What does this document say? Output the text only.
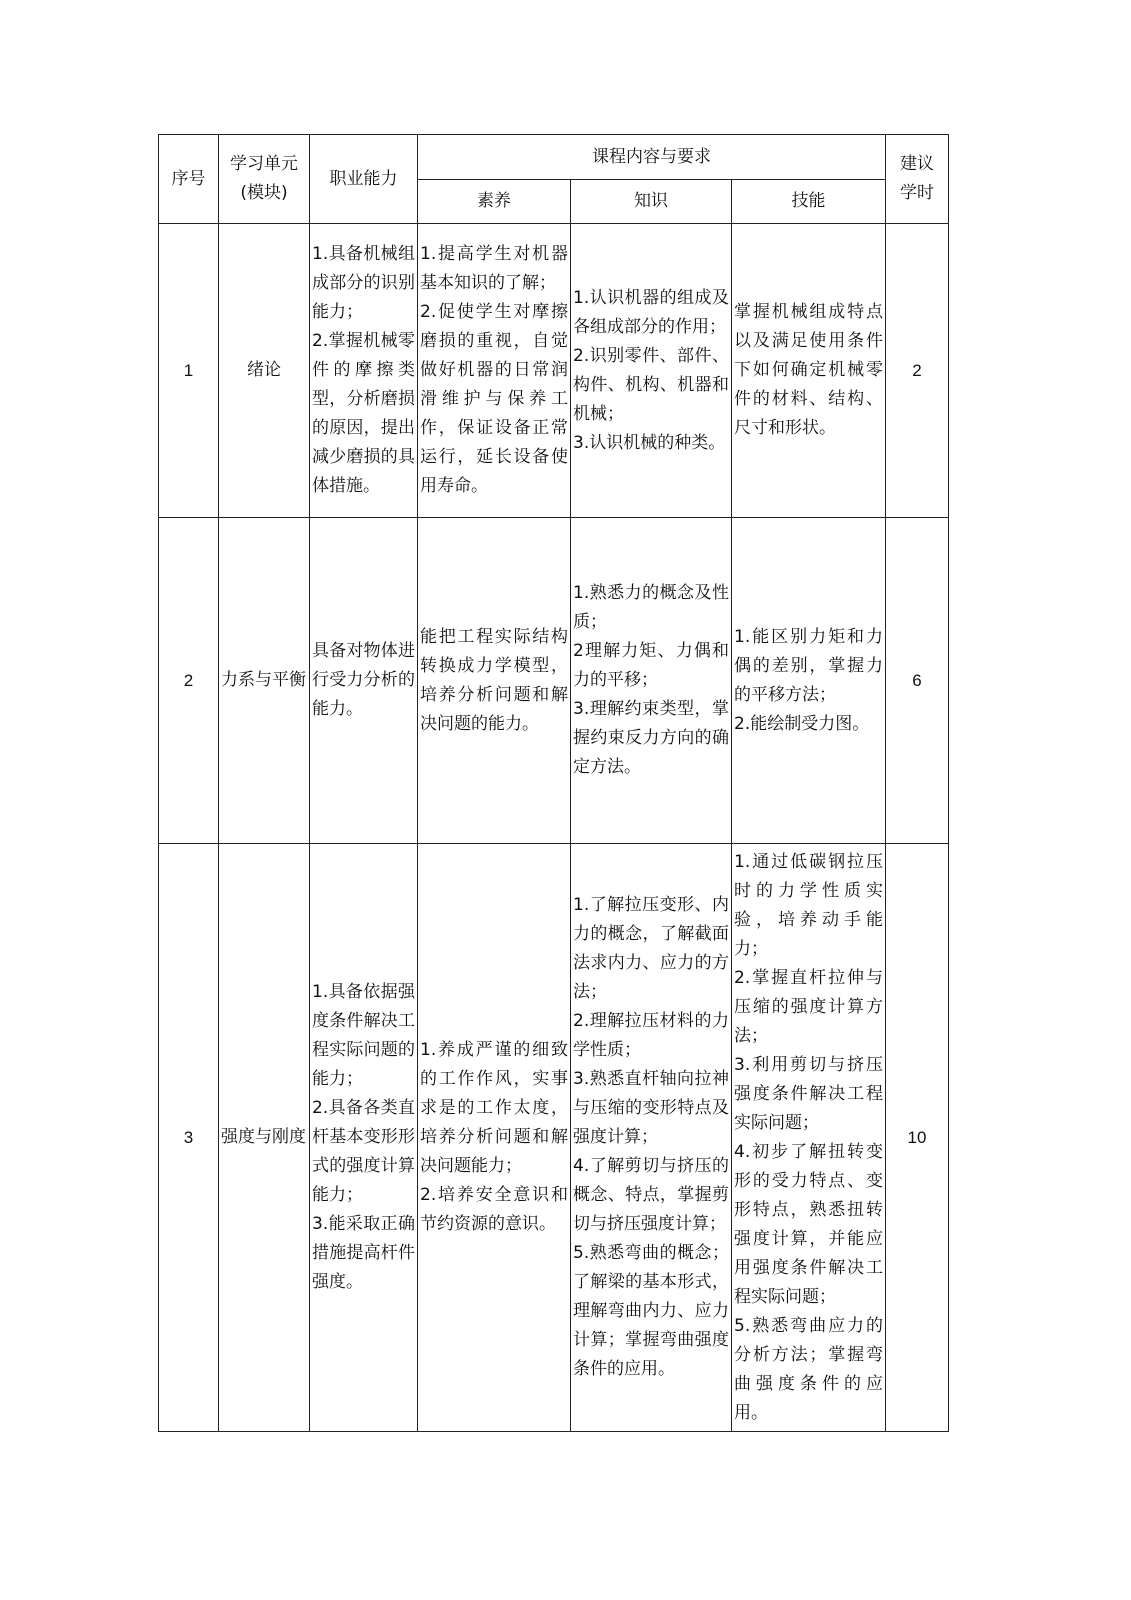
序号	学习单元
(模块)	职业能力	课程内容与要求			建议
学时
			素养	知识	技能	
1	绪论	1.具备机械组成部分的识别能力；
2.掌握机械零件的摩擦类型，分析磨损的原因，提出减少磨损的具体措施。	1.提高学生对机器基本知识的了解；
2.促使学生对摩擦磨损的重视，自觉做好机器的日常润滑维护与保养工作，保证设备正常运行，延长设备使用寿命。	1.认识机器的组成及各组成部分的作用；
2.识别零件、部件、构件、机构、机器和机械；
3.认识机械的种类。	掌握机械组成特点以及满足使用条件下如何确定机械零件的材料、结构、尺寸和形状。	2
2	力系与平衡	具备对物体进行受力分析的能力。	能把工程实际结构转换成力学模型，培养分析问题和解决问题的能力。	1.熟悉力的概念及性质；
2理解力矩、力偶和力的平移；
3.理解约束类型，掌握约束反力方向的确定方法。	1.能区别力矩和力偶的差别，掌握力的平移方法；
2.能绘制受力图。	6
3	强度与刚度	1.具备依据强度条件解决工程实际问题的能力；
2.具备各类直杆基本变形形式的强度计算能力；
3.能采取正确措施提高杆件强度。	1.养成严谨的细致的工作作风，实事求是的工作太度，培养分析问题和解决问题能力；
2.培养安全意识和节约资源的意识。	1.了解拉压变形、内力的概念，了解截面法求内力、应力的方法；
2.理解拉压材料的力学性质；
3.熟悉直杆轴向拉神与压缩的变形特点及强度计算；
4.了解剪切与挤压的概念、特点，掌握剪切与挤压强度计算；
5.熟悉弯曲的概念；了解梁的基本形式，理解弯曲内力、应力计算；掌握弯曲强度条件的应用。	1.通过低碳钢拉压时的力学性质实验，培养动手能力；
2.掌握直杆拉伸与压缩的强度计算方法；
3.利用剪切与挤压强度条件解决工程实际问题；
4.初步了解扭转变形的受力特点、变形特点，熟悉扭转强度计算，并能应用强度条件解决工程实际问题；
5.熟悉弯曲应力的分析方法；掌握弯曲强度条件的应用。	10
